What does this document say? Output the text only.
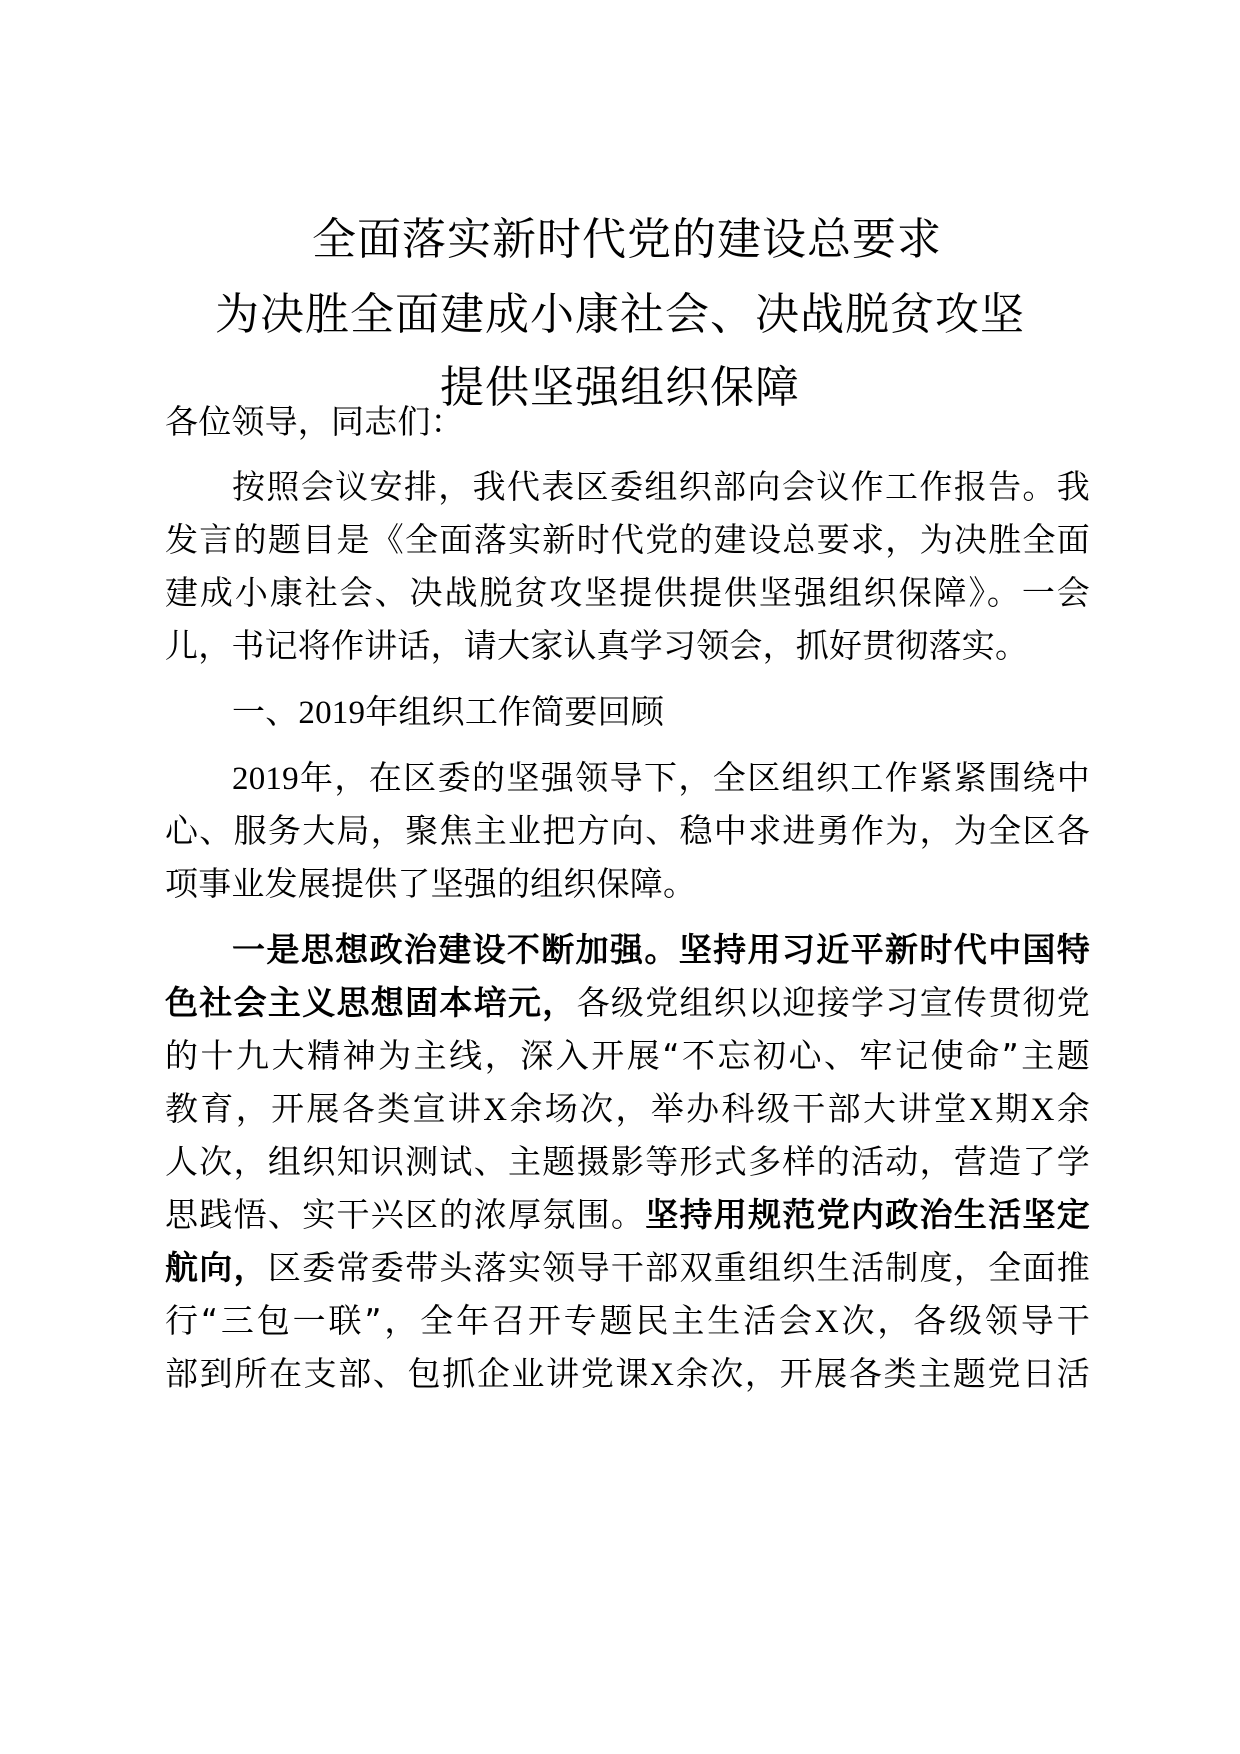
全面落实新时代党的建设总要求
为决胜全面建成小康社会、决战脱贫攻坚
提供坚强组织保障
各位领导，同志们：
按照会议安排，我代表区委组织部向会议作工作报告。我
发言的题目是《全面落实新时代党的建设总要求，为决胜全面
建成小康社会、决战脱贫攻坚提供提供坚强组织保障》。一会
儿，书记将作讲话，请大家认真学习领会，抓好贯彻落实。
一、2019年组织工作简要回顾
2019年，在区委的坚强领导下，全区组织工作紧紧围绕中
心、服务大局，聚焦主业把方向、稳中求进勇作为，为全区各
项事业发展提供了坚强的组织保障。
一是思想政治建设不断加强。坚持用习近平新时代中国特
色社会主义思想固本培元，各级党组织以迎接学习宣传贯彻党
的十九大精神为主线，深入开展“不忘初心、牢记使命”主题
教育，开展各类宣讲X余场次，举办科级干部大讲堂X期X余
人次，组织知识测试、主题摄影等形式多样的活动，营造了学
思践悟、实干兴区的浓厚氛围。坚持用规范党内政治生活坚定
航向，区委常委带头落实领导干部双重组织生活制度，全面推
行“三包一联”，全年召开专题民主生活会X次，各级领导干
部到所在支部、包抓企业讲党课X余次，开展各类主题党日活
